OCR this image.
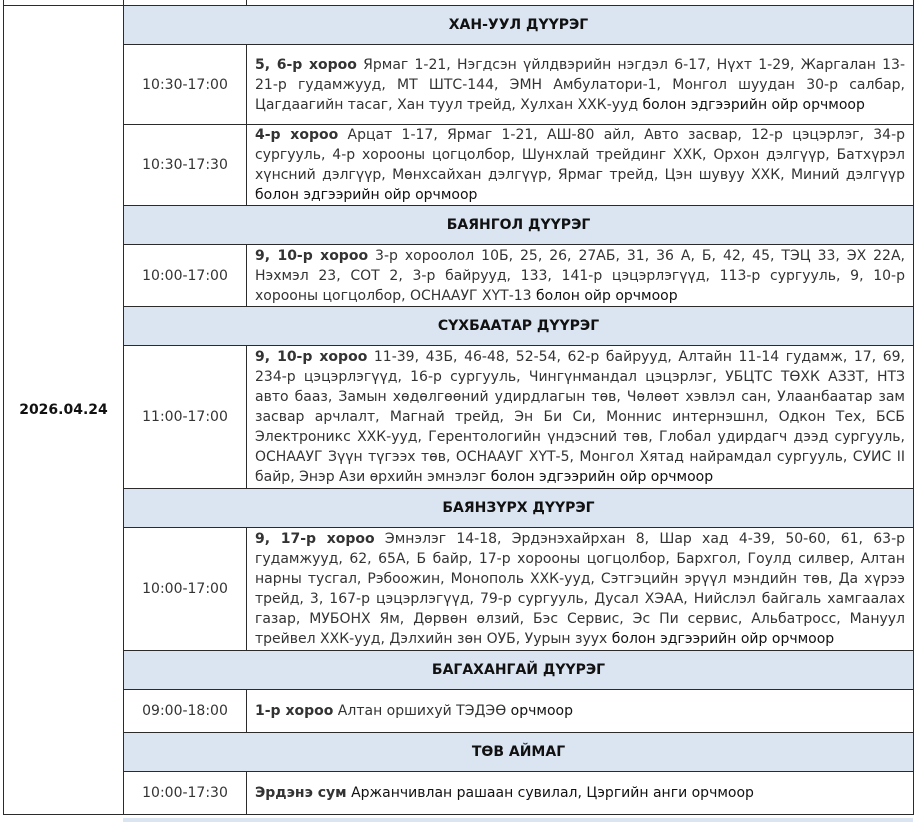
2026.04.24	ХАН-УУЛ ДҮҮРЭГ	
	10:30-17:00	5, 6-р хороо Ярмаг 1-21, Нэгдсэн үйлдвэрийн нэгдэл 6-17, Нүхт 1-29, Жаргалан 13-21-р гудамжууд, МТ ШТС-144, ЭМН Амбулатори-1, Монгол шуудан 30-р салбар, Цагдаагийн тасаг, Хан туул трейд, Хулхан ХХК-ууд болон эдгээрийн ойр орчмоор
	10:30-17:30	4-р хороо Арцат 1-17, Ярмаг 1-21, АШ-80 айл, Авто засвар, 12-р цэцэрлэг, 34-р сургууль, 4-р хорооны цогцолбор, Шунхлай трейдинг ХХК, Орхон дэлгүүр, Батхүрэл хүнсний дэлгүүр, Мөнхсайхан дэлгүүр, Ярмаг трейд, Цэн шувуу ХХК, Миний дэлгүүр болон эдгээрийн ойр орчмоор
	БАЯНГОЛ ДҮҮРЭГ	
	10:00-17:00	9, 10-р хороо 3-р хороолол 10Б, 25, 26, 27АБ, 31, 36 А, Б, 42, 45, ТЭЦ 33, ЭХ 22А, Нэхмэл 23, СОТ 2, 3-р байрууд, 133, 141-р цэцэрлэгүүд, 113-р сургууль, 9, 10-р хорооны цогцолбор, ОСНААУГ ХҮТ-13 болон ойр орчмоор
	СҮХБААТАР ДҮҮРЭГ	
	11:00-17:00	9, 10-р хороо 11-39, 43Б, 46-48, 52-54, 62-р байрууд, Алтайн 11-14 гудамж, 17, 69, 234-р цэцэрлэгүүд, 16-р сургууль, Чингүнмандал цэцэрлэг, УБЦТС ТӨХК АЗЗТ, НТЗ авто бааз, Замын хөдөлгөөний удирдлагын төв, Чөлөөт хэвлэл сан, Улаанбаатар зам засвар арчлалт, Магнай трейд, Эн Би Си, Моннис интернэшнл, Одкон Тех, БСБ Электроникс ХХК-ууд, Герентологийн үндэсний төв, Глобал удирдагч дээд сургууль, ОСНААУГ Зүүн түгээх төв, ОСНААУГ ХҮТ-5, Монгол Хятад найрамдал сургууль, СУИС II байр, Энэр Ази өрхийн эмнэлэг болон эдгээрийн ойр орчмоор
	БАЯНЗҮРХ ДҮҮРЭГ	
	10:00-17:00	9, 17-р хороо Эмнэлэг 14-18, Эрдэнэхайрхан 8, Шар хад 4-39, 50-60, 61, 63-р гудамжууд, 62, 65А, Б байр, 17-р хорооны цогцолбор, Бархгол, Гоулд силвер, Алтан нарны тусгал, Рэбоожин, Монополь ХХК-ууд, Сэтгэцийн эрүүл мэндийн төв, Да хүрээ трейд, 3, 167-р цэцэрлэгүүд, 79-р сургууль, Дусал ХЭАА, Нийслэл байгаль хамгаалах газар, МУБОНХ Ям, Дөрвөн өлзий, Бэс Сервис, Эс Пи сервис, Альбатросс, Мануул трейвел ХХК-ууд, Дэлхийн зөн ОУБ, Уурын зуух болон эдгээрийн ойр орчмоор
	БАГАХАНГАЙ ДҮҮРЭГ	
	09:00-18:00	1-р хороо Алтан оршихуй ТЭДЭӨ орчмоор
	ТӨВ АЙМАГ	
	10:00-17:30	Эрдэнэ сум Аржанчивлан рашаан сувилал, Цэргийн анги орчмоор
